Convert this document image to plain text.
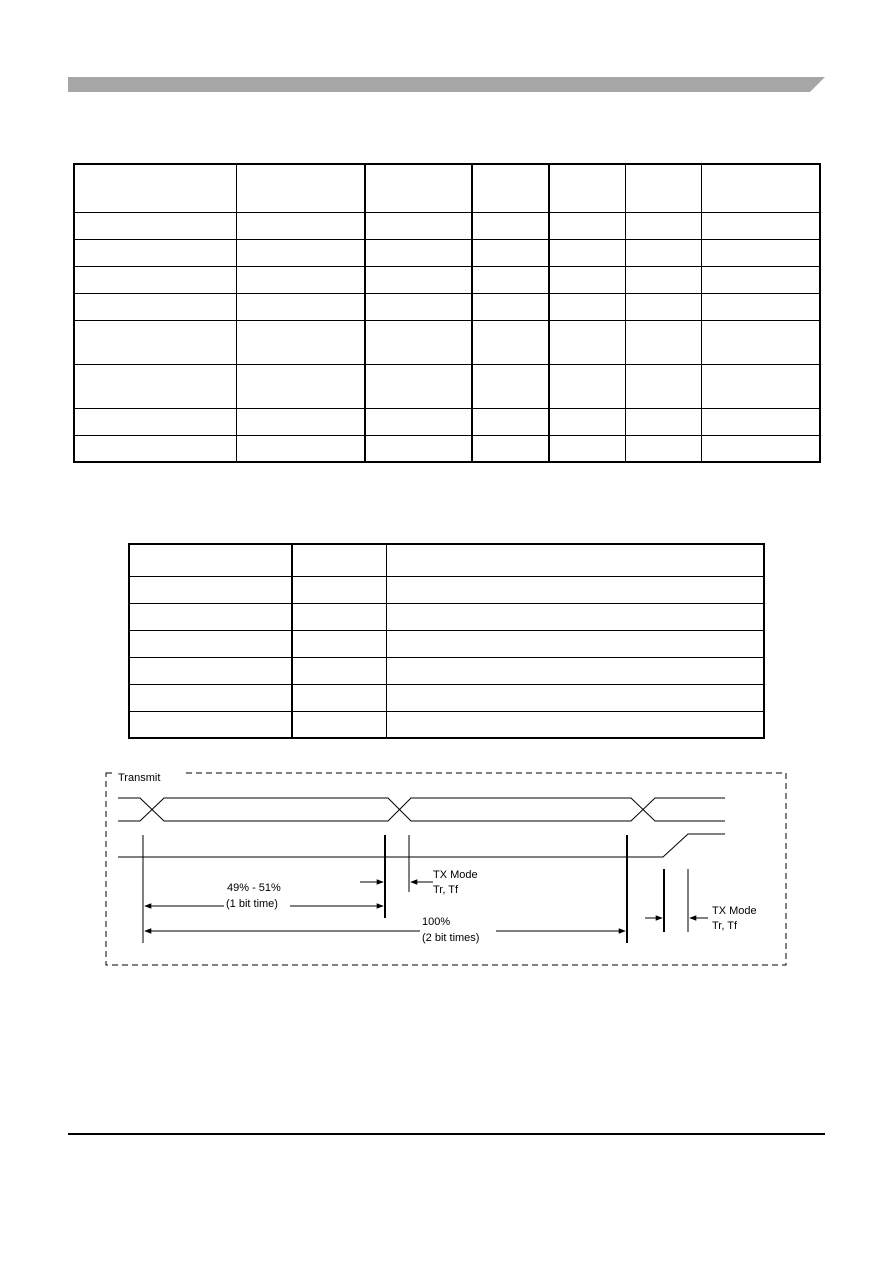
Transmit
49% - 51%
(1 bit time)
100%
(2 bit times)
TX Mode
Tr, Tf
TX Mode
Tr, Tf
